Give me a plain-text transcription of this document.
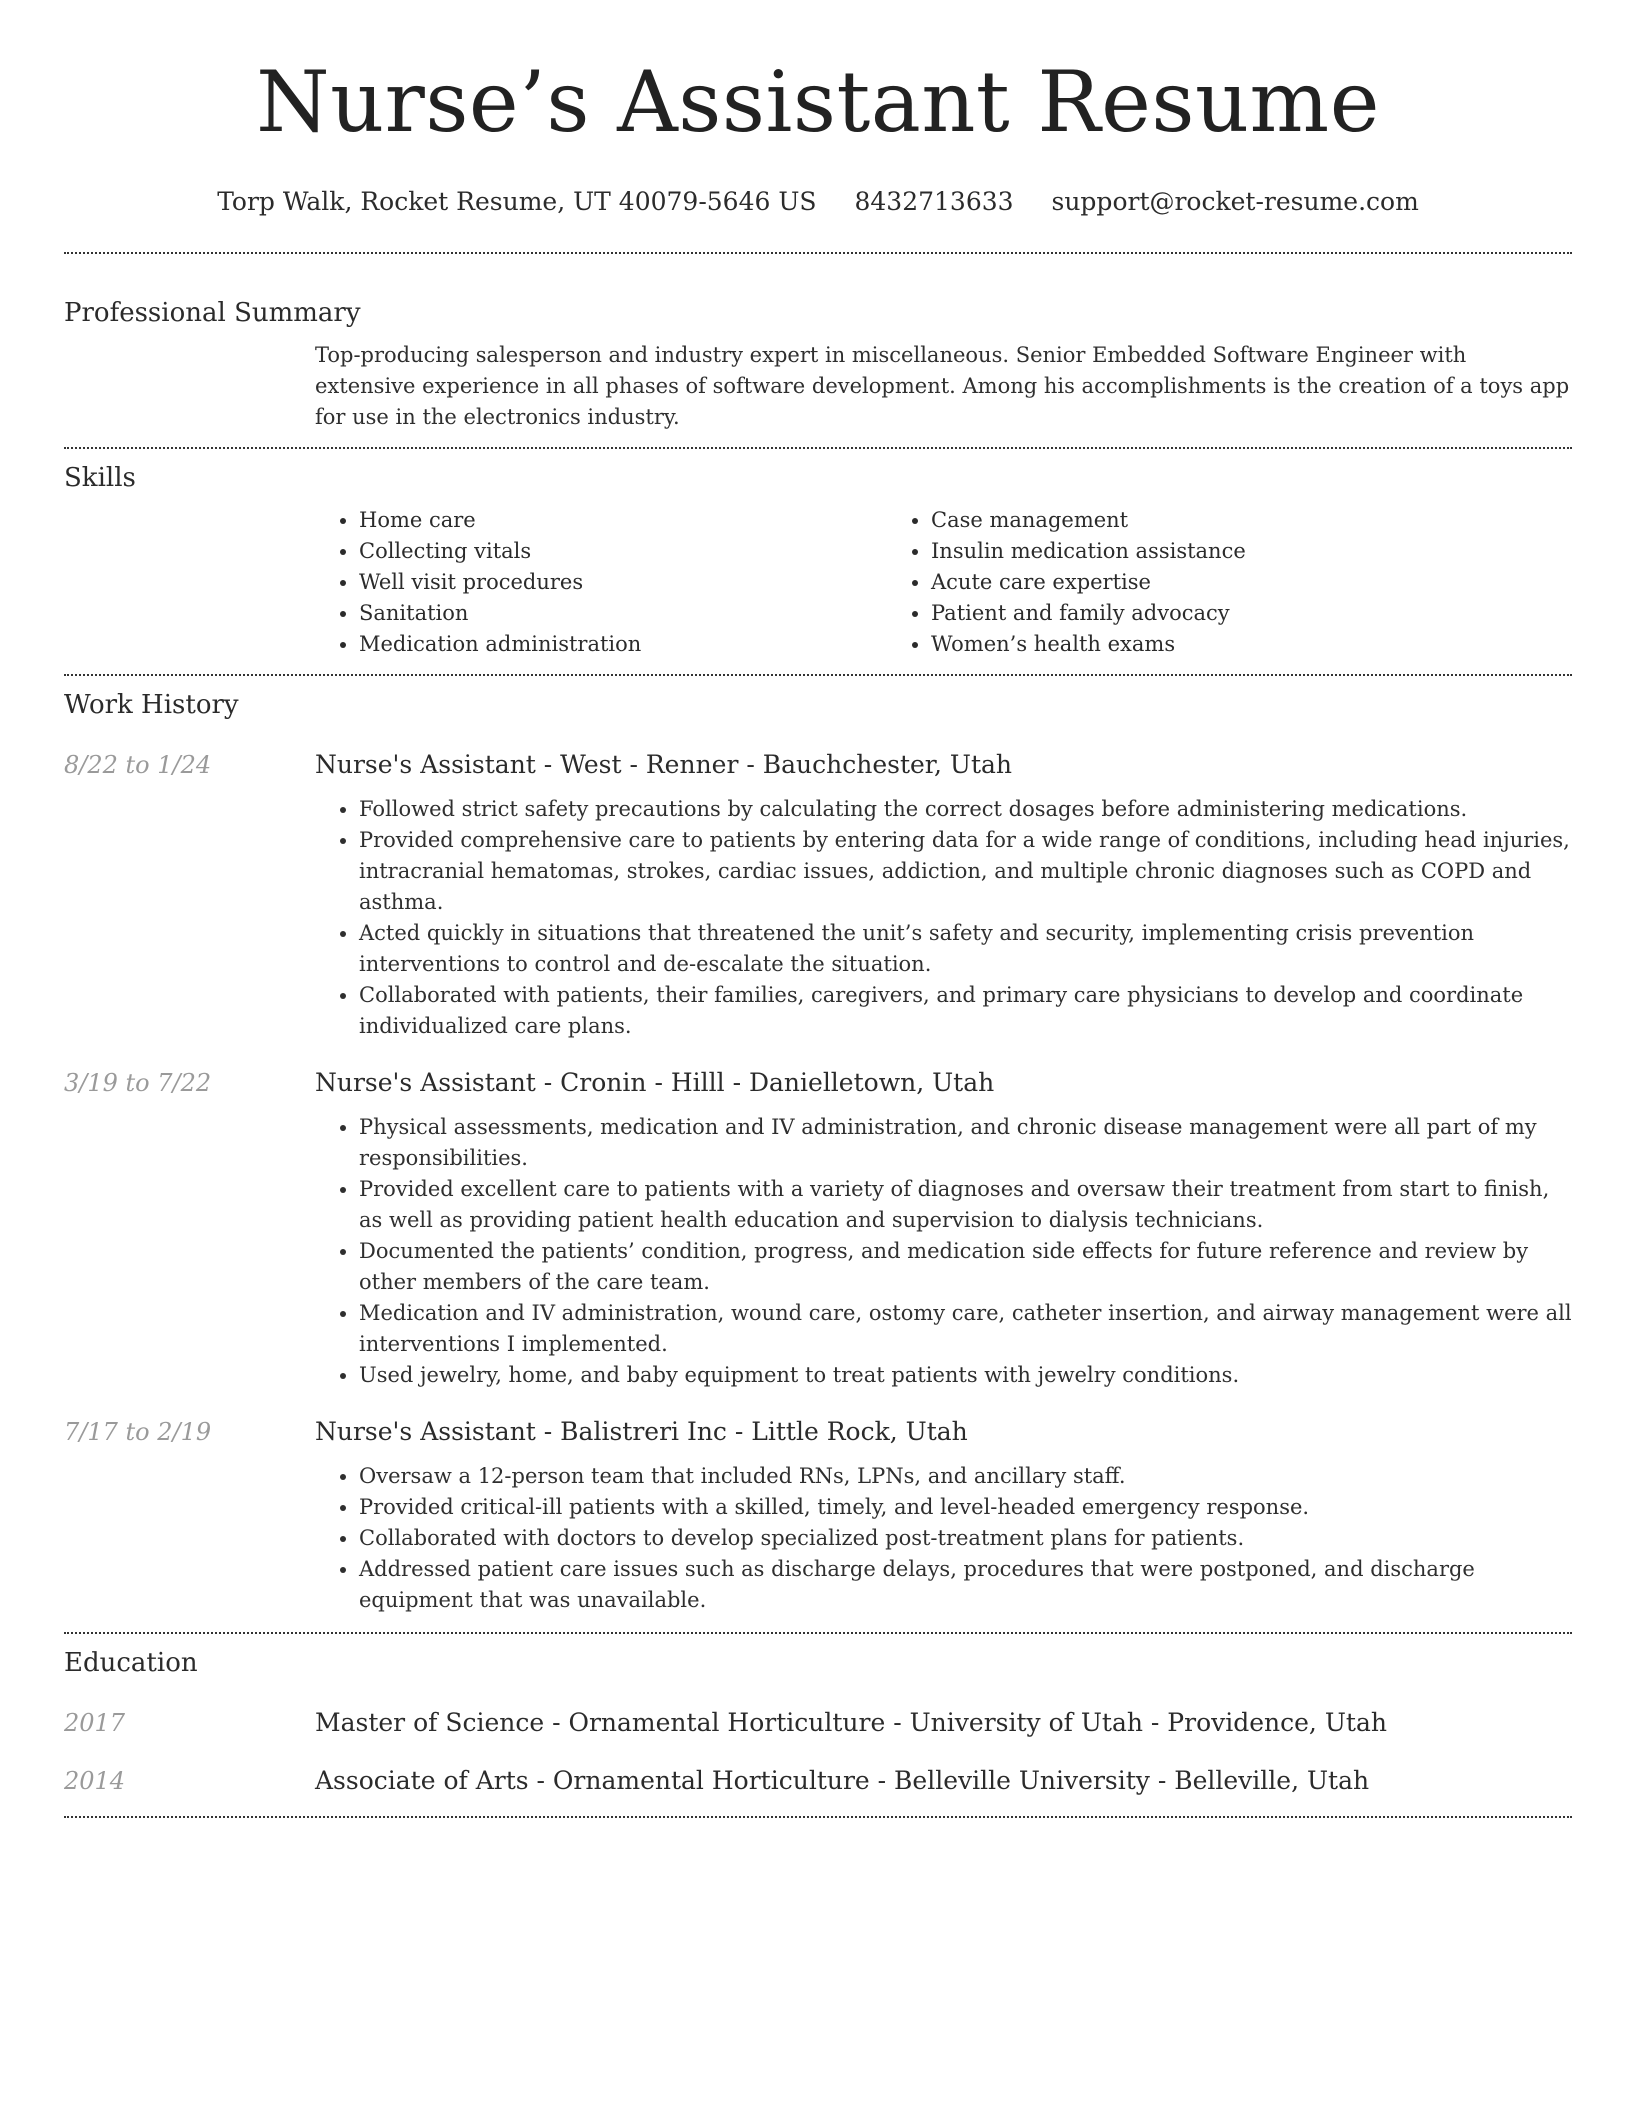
Nurse’s Assistant Resume
Torp Walk, Rocket Resume, UT 40079-5646 US 8432713633 support@rocket-resume.com
Professional Summary
Top-producing salesperson and industry expert in miscellaneous. Senior Embedded Software Engineer with extensive experience in all phases of software development. Among his accomplishments is the creation of a toys app for use in the electronics industry.
Skills
• Home care
• Collecting vitals
• Well visit procedures
• Sanitation
• Medication administration
• Case management
• Insulin medication assistance
• Acute care expertise
• Patient and family advocacy
• Women’s health exams
Work History
8/22 to 1/24	Nurse's Assistant - West - Renner - Bauchchester, Utah
• Followed strict safety precautions by calculating the correct dosages before administering medications.
• Provided comprehensive care to patients by entering data for a wide range of conditions, including head injuries, intracranial hematomas, strokes, cardiac issues, addiction, and multiple chronic diagnoses such as COPD and asthma.
• Acted quickly in situations that threatened the unit’s safety and security, implementing crisis prevention interventions to control and de-escalate the situation.
• Collaborated with patients, their families, caregivers, and primary care physicians to develop and coordinate individualized care plans.
3/19 to 7/22	Nurse's Assistant - Cronin - Hilll - Danielletown, Utah
• Physical assessments, medication and IV administration, and chronic disease management were all part of my responsibilities.
• Provided excellent care to patients with a variety of diagnoses and oversaw their treatment from start to finish, as well as providing patient health education and supervision to dialysis technicians.
• Documented the patients’ condition, progress, and medication side effects for future reference and review by other members of the care team.
• Medication and IV administration, wound care, ostomy care, catheter insertion, and airway management were all interventions I implemented.
• Used jewelry, home, and baby equipment to treat patients with jewelry conditions.
7/17 to 2/19	Nurse's Assistant - Balistreri Inc - Little Rock, Utah
• Oversaw a 12-person team that included RNs, LPNs, and ancillary staff.
• Provided critical-ill patients with a skilled, timely, and level-headed emergency response.
• Collaborated with doctors to develop specialized post-treatment plans for patients.
• Addressed patient care issues such as discharge delays, procedures that were postponed, and discharge equipment that was unavailable.
Education
2017	Master of Science - Ornamental Horticulture - University of Utah - Providence, Utah
2014	Associate of Arts - Ornamental Horticulture - Belleville University - Belleville, Utah
